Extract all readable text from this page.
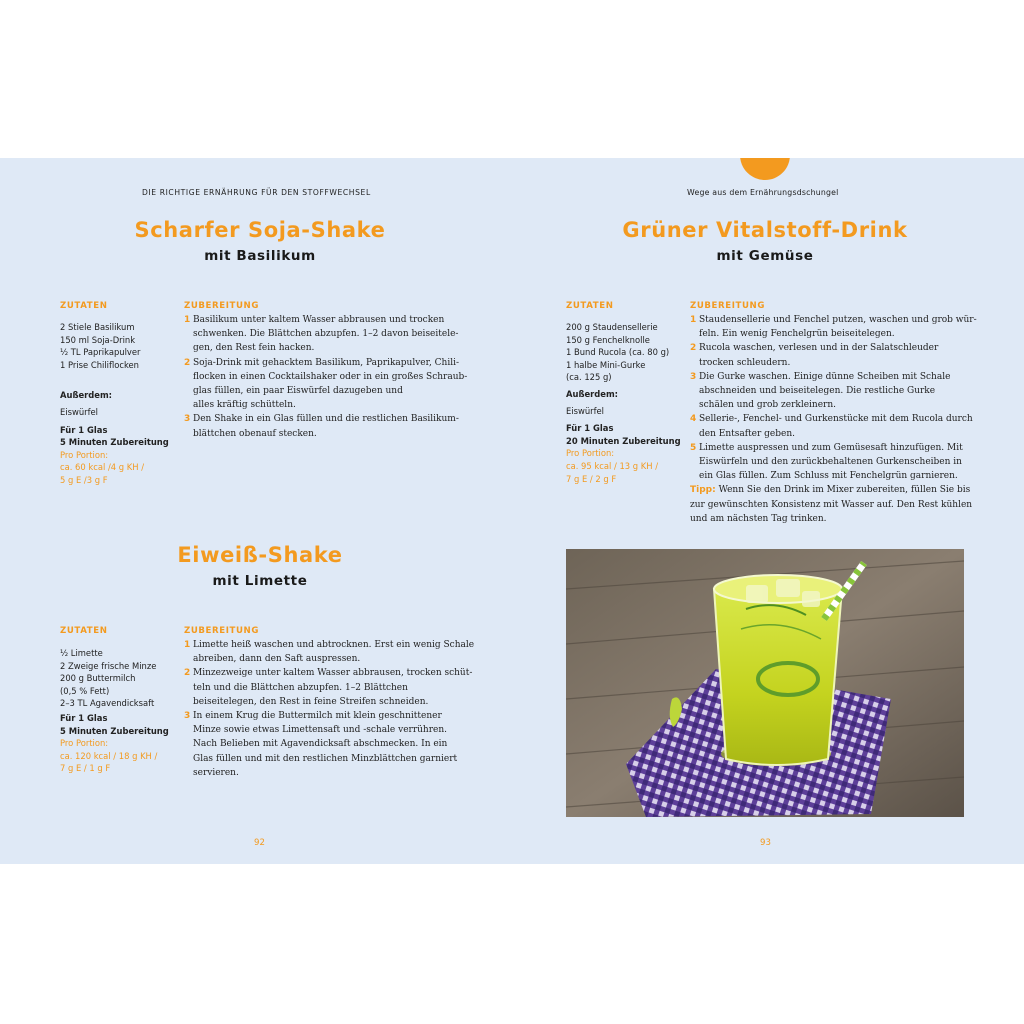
DIE RICHTIGE ERNÄHRUNG FÜR DEN STOFFWECHSEL
Scharfer Soja-Shake
mit Basilikum
ZUTATEN
2 Stiele Basilikum
150 ml Soja-Drink
½ TL Paprikapulver
1 Prise Chiliflocken
Außerdem:
Eiswürfel
Für 1 Glas
5 Minuten Zubereitung
Pro Portion:
ca. 60 kcal /4 g KH /
5 g E /3 g F
ZUBEREITUNG
1 Basilikum unter kaltem Wasser abbrausen und trocken
schwenken. Die Blättchen abzupfen. 1–2 davon beiseitele-
gen, den Rest fein hacken.
2 Soja-Drink mit gehacktem Basilikum, Paprikapulver, Chili-
flocken in einen Cocktailshaker oder in ein großes Schraub-
glas füllen, ein paar Eiswürfel dazugeben und
alles kräftig schütteln.
3 Den Shake in ein Glas füllen und die restlichen Basilikum-
blättchen obenauf stecken.
Eiweiß-Shake
mit Limette
ZUTATEN
½ Limette
2 Zweige frische Minze
200 g Buttermilch
(0,5 % Fett)
2–3 TL Agavendicksaft
Für 1 Glas
5 Minuten Zubereitung
Pro Portion:
ca. 120 kcal / 18 g KH /
7 g E / 1 g F
ZUBEREITUNG
1 Limette heiß waschen und abtrocknen. Erst ein wenig Schale
abreiben, dann den Saft auspressen.
2 Minzezweige unter kaltem Wasser abbrausen, trocken schüt-
teln und die Blättchen abzupfen. 1–2 Blättchen
beiseitelegen, den Rest in feine Streifen schneiden.
3 In einem Krug die Buttermilch mit klein geschnittener
Minze sowie etwas Limettensaft und -schale verrühren.
Nach Belieben mit Agavendicksaft abschmecken. In ein
Glas füllen und mit den restlichen Minzblättchen garniert
servieren.
92
Wege aus dem Ernährungsdschungel
Grüner Vitalstoff-Drink
mit Gemüse
ZUTATEN
200 g Staudensellerie
150 g Fenchelknolle
1 Bund Rucola (ca. 80 g)
1 halbe Mini-Gurke
(ca. 125 g)
Außerdem:
Eiswürfel
Für 1 Glas
20 Minuten Zubereitung
Pro Portion:
ca. 95 kcal / 13 g KH /
7 g E / 2 g F
ZUBEREITUNG
1 Staudensellerie und Fenchel putzen, waschen und grob wür-
feln. Ein wenig Fenchelgrün beiseitelegen.
2 Rucola waschen, verlesen und in der Salatschleuder
trocken schleudern.
3 Die Gurke waschen. Einige dünne Scheiben mit Schale
abschneiden und beiseitelegen. Die restliche Gurke
schälen und grob zerkleinern.
4 Sellerie-, Fenchel- und Gurkenstücke mit dem Rucola durch
den Entsafter geben.
5 Limette auspressen und zum Gemüsesaft hinzufügen. Mit
Eiswürfeln und den zurückbehaltenen Gurkenscheiben in
ein Glas füllen. Zum Schluss mit Fenchelgrün garnieren.
Tipp: Wenn Sie den Drink im Mixer zubereiten, füllen Sie bis
zur gewünschten Konsistenz mit Wasser auf. Den Rest kühlen
und am nächsten Tag trinken.
93
